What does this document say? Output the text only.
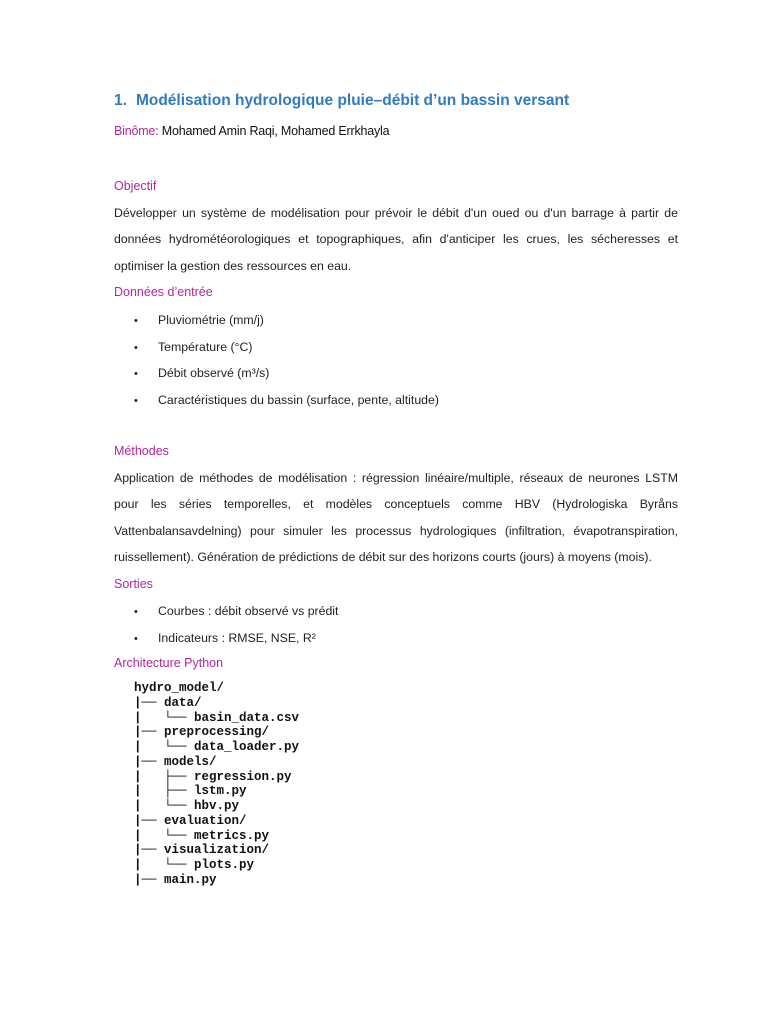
1. Modélisation hydrologique pluie–débit d’un bassin versant
Binôme: Mohamed Amin Raqi, Mohamed Errkhayla
Objectif

Développer un système de modélisation pour prévoir le débit d'un oued ou d'un barrage à partir de données hydrométéorologiques et topographiques, afin d'anticiper les crues, les sécheresses et optimiser la gestion des ressources en eau.

Données d’entrée
• Pluviométrie (mm/j)
• Température (°C)
• Débit observé (m³/s)
• Caractéristiques du bassin (surface, pente, altitude)
Méthodes

Application de méthodes de modélisation : régression linéaire/multiple, réseaux de neurones LSTM pour les séries temporelles, et modèles conceptuels comme HBV (Hydrologiska Byråns Vattenbalansavdelning) pour simuler les processus hydrologiques (infiltration, évapotranspiration, ruissellement). Génération de prédictions de débit sur des horizons courts (jours) à moyens (mois).

Sorties
• Courbes : débit observé vs prédit
• Indicateurs : RMSE, NSE, R²
Architecture Python
hydro_model/
|── data/
|   └── basin_data.csv
|── preprocessing/
|   └── data_loader.py
|── models/
|   ├── regression.py
|   ├── lstm.py
|   └── hbv.py
|── evaluation/
|   └── metrics.py
|── visualization/
|   └── plots.py
|── main.py
